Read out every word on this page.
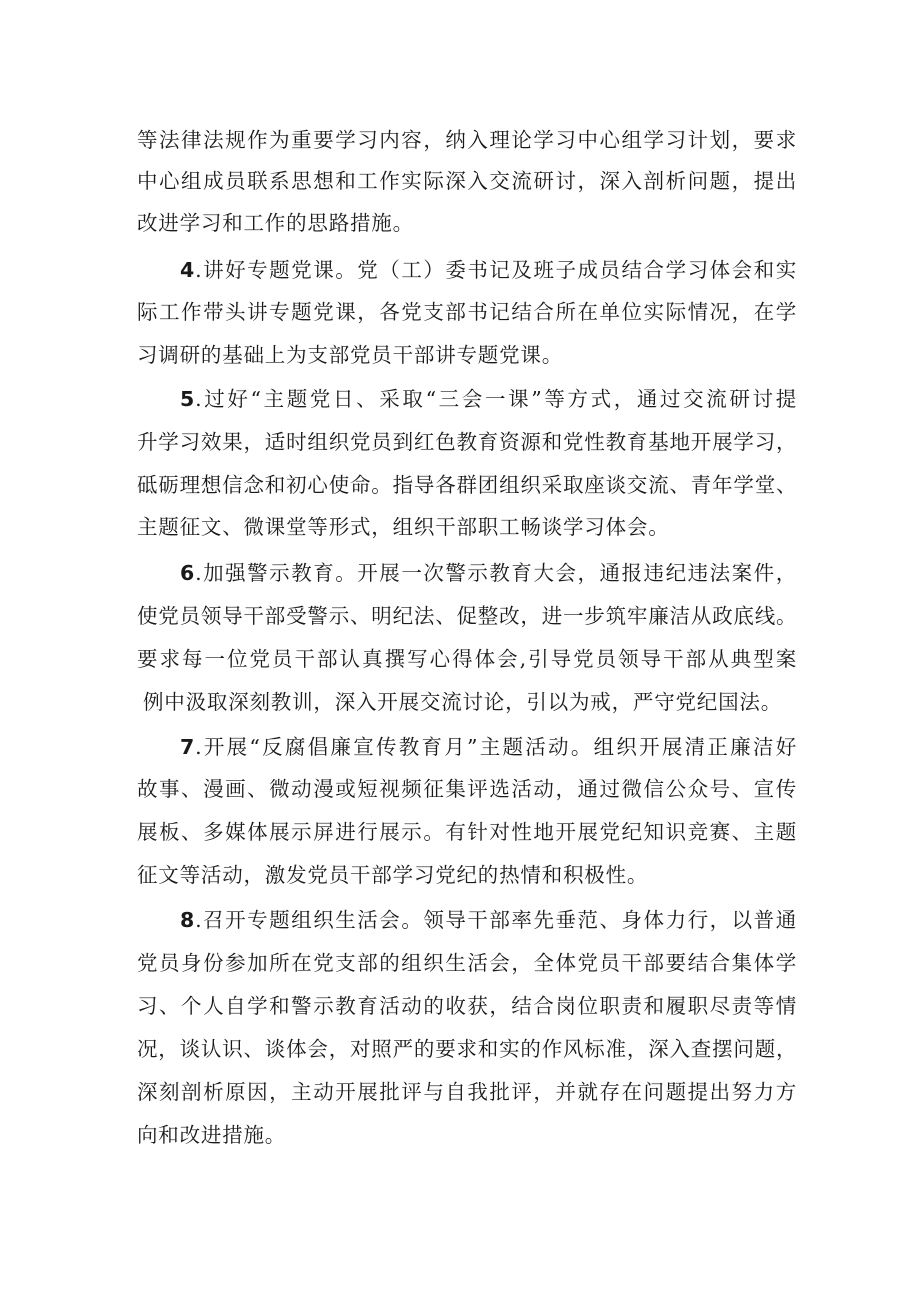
等法律法规作为重要学习内容，纳入理论学习中心组学习计划，要求
中心组成员联系思想和工作实际深入交流研讨，深入剖析问题，提出
改进学习和工作的思路措施。
4.讲好专题党课。党（工）委书记及班子成员结合学习体会和实
际工作带头讲专题党课，各党支部书记结合所在单位实际情况，在学
习调研的基础上为支部党员干部讲专题党课。
5.过好“主题党日、采取“三会一课”等方式，通过交流研讨提
升学习效果，适时组织党员到红色教育资源和党性教育基地开展学习，
砥砺理想信念和初心使命。指导各群团组织采取座谈交流、青年学堂、
主题征文、微课堂等形式，组织干部职工畅谈学习体会。
6.加强警示教育。开展一次警示教育大会，通报违纪违法案件，
使党员领导干部受警示、明纪法、促整改，进一步筑牢廉洁从政底线。
要求每一位党员干部认真撰写心得体会,引导党员领导干部从典型案
例中汲取深刻教训，深入开展交流讨论，引以为戒，严守党纪国法。
7.开展“反腐倡廉宣传教育月”主题活动。组织开展清正廉洁好
故事、漫画、微动漫或短视频征集评选活动，通过微信公众号、宣传
展板、多媒体展示屏进行展示。有针对性地开展党纪知识竞赛、主题
征文等活动，激发党员干部学习党纪的热情和积极性。
8.召开专题组织生活会。领导干部率先垂范、身体力行，以普通
党员身份参加所在党支部的组织生活会，全体党员干部要结合集体学
习、个人自学和警示教育活动的收获，结合岗位职责和履职尽责等情
况，谈认识、谈体会，对照严的要求和实的作风标准，深入查摆问题，
深刻剖析原因，主动开展批评与自我批评，并就存在问题提出努力方
向和改进措施。
